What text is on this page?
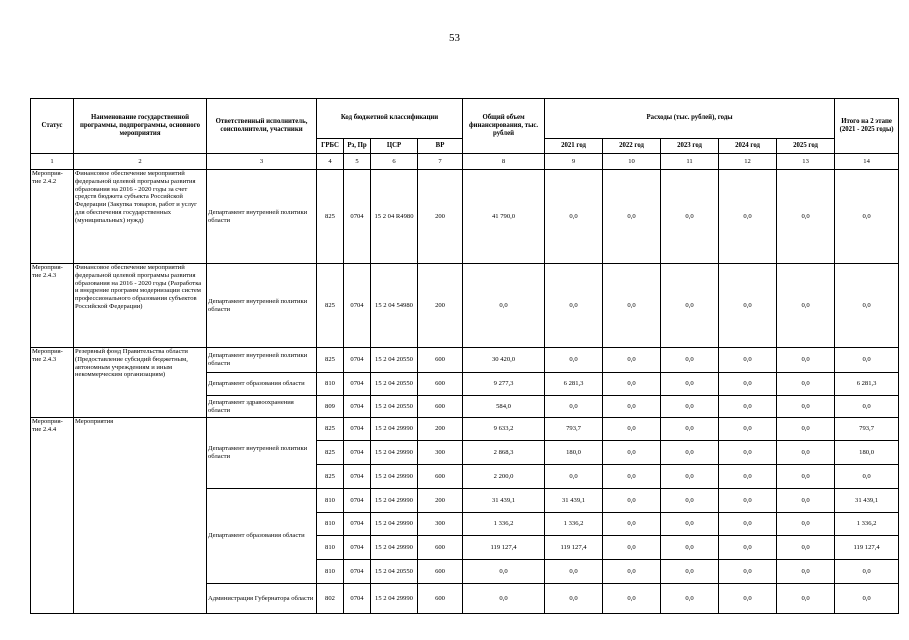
53
Статус	Наименование государственной программы, подпрограммы, основного мероприятия	Ответственный исполнитель, соисполнители, участники	Код бюджетной классификации				Общий объем финансирования, тыс. рублей	Расходы (тыс. рублей), годы					Итого на 2 этапе (2021 - 2025 годы)
			ГРБС	Рз, Пр	ЦСР	ВР		2021 год	2022 год	2023 год	2024 год	2025 год	
1	2	3	4	5	6	7	8	9	10	11	12	13	14
Мероприя-тие 2.4.2	Финансовое обеспечение мероприятий федеральной целевой программы развития образования на 2016 - 2020 годы за счет средств бюджета субъекта Российской Федерации (Закупка товаров, работ и услуг для обеспечения государственных (муниципальных) нужд)	Департамент внутренней политики области	825	0704	15 2 04 R4980	200	41 790,0	0,0	0,0	0,0	0,0	0,0	0,0
Мероприя-тие 2.4.3	Финансовое обеспечение мероприятий федеральной целевой программы развития образования на 2016 - 2020 годы (Разработка и внедрение программ модернизации систем профессионального образования субъектов Российской Федерации)	Департамент внутренней политики области	825	0704	15 2 04 54980	200	0,0	0,0	0,0	0,0	0,0	0,0	0,0
Мероприя-тие 2.4.3	Резервный фонд Правительства области (Предоставление субсидий бюджетным, автономным учреждениям и иным некоммерческим организациям)	Департамент внутренней политики области	825	0704	15 2 04 20550	600	30 420,0	0,0	0,0	0,0	0,0	0,0	0,0
		Департамент образования области	810	0704	15 2 04 20550	600	9 277,3	6 281,3	0,0	0,0	0,0	0,0	6 281,3
		Департамент здравоохранения области	809	0704	15 2 04 20550	600	584,0	0,0	0,0	0,0	0,0	0,0	0,0
Мероприя-тие 2.4.4	Мероприятия	Департамент внутренней политики области	825	0704	15 2 04 29990	200	9 633,2	793,7	0,0	0,0	0,0	0,0	793,7
			825	0704	15 2 04 29990	300	2 868,3	180,0	0,0	0,0	0,0	0,0	180,0
			825	0704	15 2 04 29990	600	2 200,0	0,0	0,0	0,0	0,0	0,0	0,0
		Департамент образования области	810	0704	15 2 04 29990	200	31 439,1	31 439,1	0,0	0,0	0,0	0,0	31 439,1
			810	0704	15 2 04 29990	300	1 336,2	1 336,2	0,0	0,0	0,0	0,0	1 336,2
			810	0704	15 2 04 29990	600	119 127,4	119 127,4	0,0	0,0	0,0	0,0	119 127,4
			810	0704	15 2 04 20550	600	0,0	0,0	0,0	0,0	0,0	0,0	0,0
		Администрация Губернатора области	802	0704	15 2 04 29990	600	0,0	0,0	0,0	0,0	0,0	0,0	0,0
